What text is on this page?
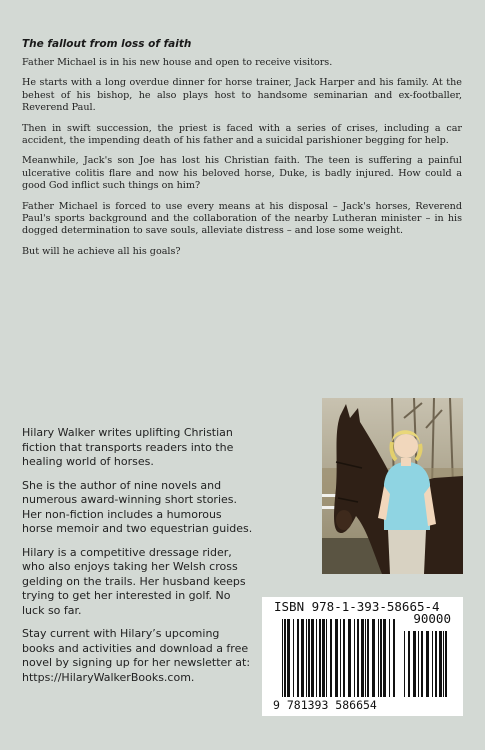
The fallout from loss of faith

Father Michael is in his new house and open to receive visitors.

He starts with a long overdue dinner for horse trainer, Jack Harper and his family. At the behest of his bishop, he also plays host to handsome seminarian and ex-footballer, Reverend Paul.

Then in swift succession, the priest is faced with a series of crises, including a car accident, the impending death of his father and a suicidal parishioner begging for help.

Meanwhile, Jack's son Joe has lost his Christian faith. The teen is suffering a painful ulcerative colitis flare and now his beloved horse, Duke, is badly injured. How could a good God inflict such things on him?

Father Michael is forced to use every means at his disposal – Jack's horses, Reverend Paul's sports background and the collaboration of the nearby Lutheran minister – in his dogged determination to save souls, alleviate distress – and lose some weight.

But will he achieve all his goals?

Hilary Walker writes uplifting Christian fiction that transports readers into the healing world of horses.

She is the author of nine novels and numerous award-winning short stories. Her non-fiction includes a humorous horse memoir and two equestrian guides.

Hilary is a competitive dressage rider, who also enjoys taking her Welsh cross gelding on the trails. Her husband keeps trying to get her interested in golf. No luck so far.

Stay current with Hilary’s upcoming books and activities and download a free novel by signing up for her newsletter at: https://HilaryWalkerBooks.com.

ISBN 978-1-393-58665-4
90000
9 781393 586654
